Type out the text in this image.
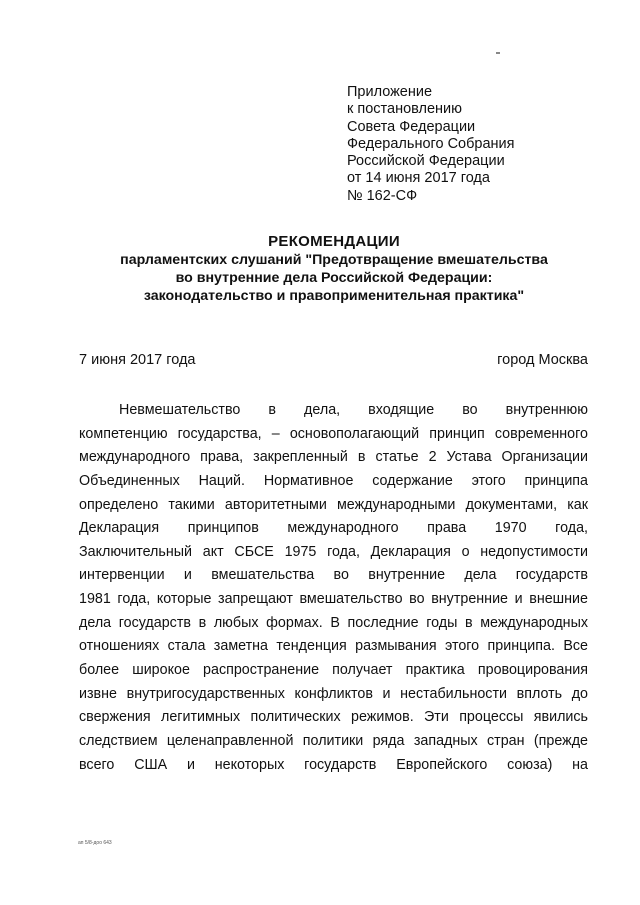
Приложение
к постановлению
Совета Федерации
Федерального Собрания
Российской Федерации
от 14 июня 2017 года
№ 162-СФ
РЕКОМЕНДАЦИИ
парламентских слушаний "Предотвращение вмешательства
во внутренние дела Российской Федерации:
законодательство и правоприменительная практика"
7 июня 2017 года	город Москва
Невмешательство в дела, входящие во внутреннюю
компетенцию государства, – основополагающий принцип современного
международного права, закрепленный в статье 2 Устава Организации
Объединенных Наций. Нормативное содержание этого принципа
определено такими авторитетными международными документами, как
Декларация принципов международного права 1970 года,
Заключительный акт СБСЕ 1975 года, Декларация о недопустимости
интервенции и вмешательства во внутренние дела государств
1981 года, которые запрещают вмешательство во внутренние и внешние
дела государств в любых формах. В последние годы в международных
отношениях стала заметна тенденция размывания этого принципа. Все
более широкое распространение получает практика провоцирования
извне внутригосударственных конфликтов и нестабильности вплоть до
свержения легитимных политических режимов. Эти процессы явились
следствием целенаправленной политики ряда западных стран (прежде
всего США и некоторых государств Европейского союза) на
ап 5/8-доо 643
